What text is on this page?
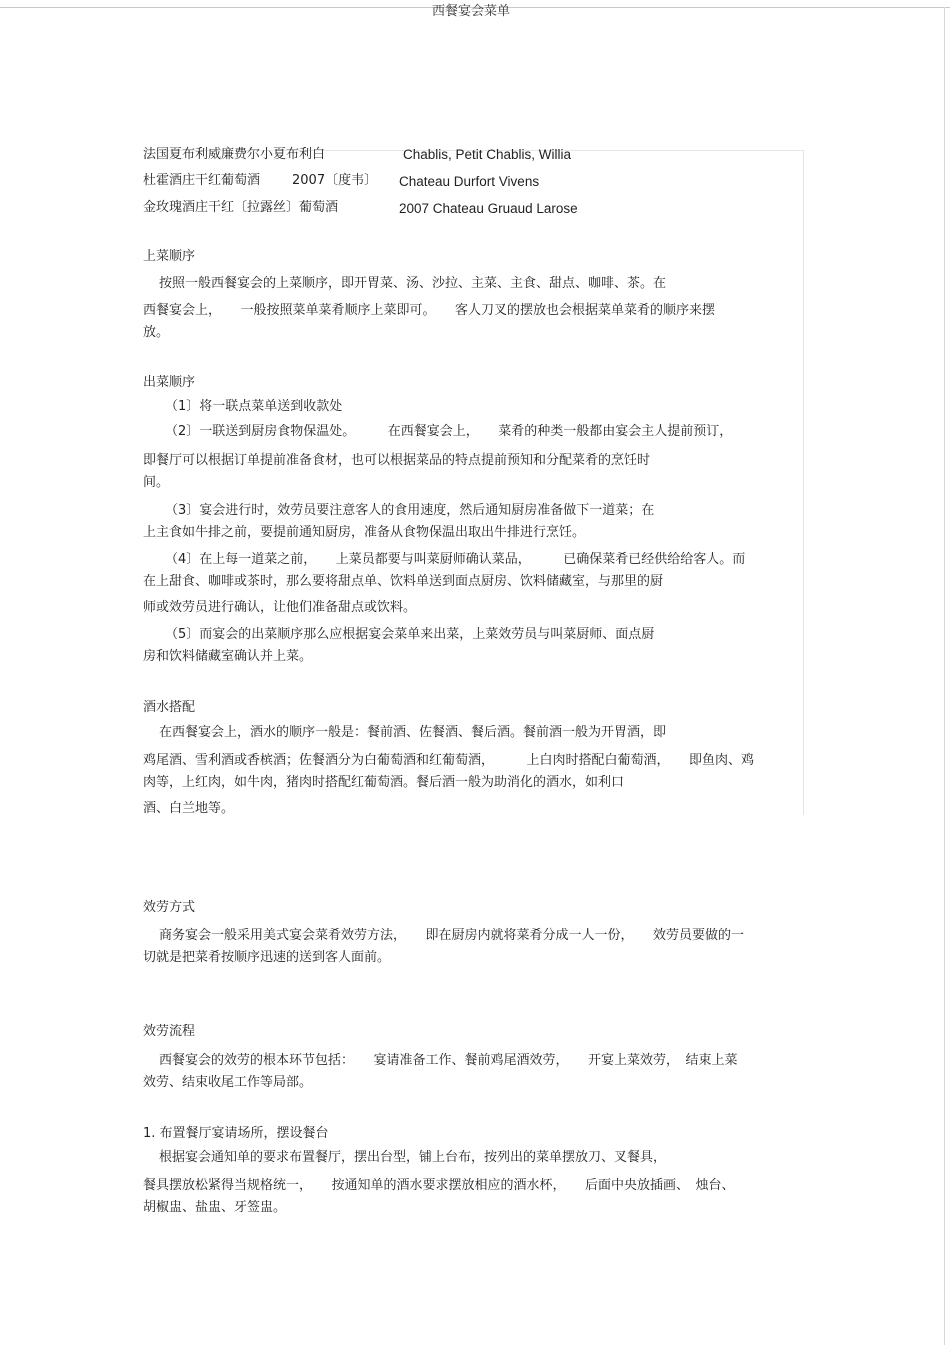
西餐宴会菜单
法国夏布利威廉费尔小夏布利白	Chablis, Petit Chablis, Willia
杜霍酒庄干红葡萄酒 2007〔度韦〕 Chateau Durfort Vivens
金玫瑰酒庄干红〔拉露丝〕葡萄酒	2007 Chateau Gruaud Larose
上菜顺序
按照一般西餐宴会的上菜顺序，即开胃菜、汤、沙拉、主菜、主食、甜点、咖啡、茶。在
西餐宴会上，　　一般按照菜单菜肴顺序上菜即可。　　客人刀叉的摆放也会根据菜单菜肴的顺序来摆
放。
出菜顺序
（1〕将一联点菜单送到收款处
（2〕一联送到厨房食物保温处。　　　在西餐宴会上，　　菜肴的种类一般都由宴会主人提前预订，
即餐厅可以根据订单提前准备食材，也可以根据菜品的特点提前预知和分配菜肴的烹饪时
间。
（3〕宴会进行时，效劳员要注意客人的食用速度，然后通知厨房准备做下一道菜；在
上主食如牛排之前，要提前通知厨房，准备从食物保温出取出牛排进行烹饪。
（4〕在上每一道菜之前，　　上菜员都要与叫菜厨师确认菜品，　　　已确保菜肴已经供给给客人。而
在上甜食、咖啡或茶时，那么要将甜点单、饮料单送到面点厨房、饮料储藏室，与那里的厨
师或效劳员进行确认，让他们准备甜点或饮料。
（5〕而宴会的出菜顺序那么应根据宴会菜单来出菜，上菜效劳员与叫菜厨师、面点厨
房和饮料储藏室确认并上菜。
酒水搭配
在西餐宴会上，酒水的顺序一般是：餐前酒、佐餐酒、餐后酒。餐前酒一般为开胃酒，即
鸡尾酒、雪利酒或香槟酒；佐餐酒分为白葡萄酒和红葡萄酒，　　　上白肉时搭配白葡萄酒，　　即鱼肉、鸡
肉等，上红肉，如牛肉，猪肉时搭配红葡萄酒。餐后酒一般为助消化的酒水，如利口
酒、白兰地等。
效劳方式
商务宴会一般采用美式宴会菜肴效劳方法，　　即在厨房内就将菜肴分成一人一份，　　效劳员要做的一
切就是把菜肴按顺序迅速的送到客人面前。
效劳流程
西餐宴会的效劳的根本环节包括：　　宴请准备工作、餐前鸡尾酒效劳，　　开宴上菜效劳，　结束上菜
效劳、结束收尾工作等局部。
1. 布置餐厅宴请场所，摆设餐台
根据宴会通知单的要求布置餐厅，摆出台型，铺上台布，按列出的菜单摆放刀、叉餐具，
餐具摆放松紧得当规格统一，　　按通知单的酒水要求摆放相应的酒水杯，　　后面中央放插画、　烛台、
胡椒盅、盐盅、牙签盅。
